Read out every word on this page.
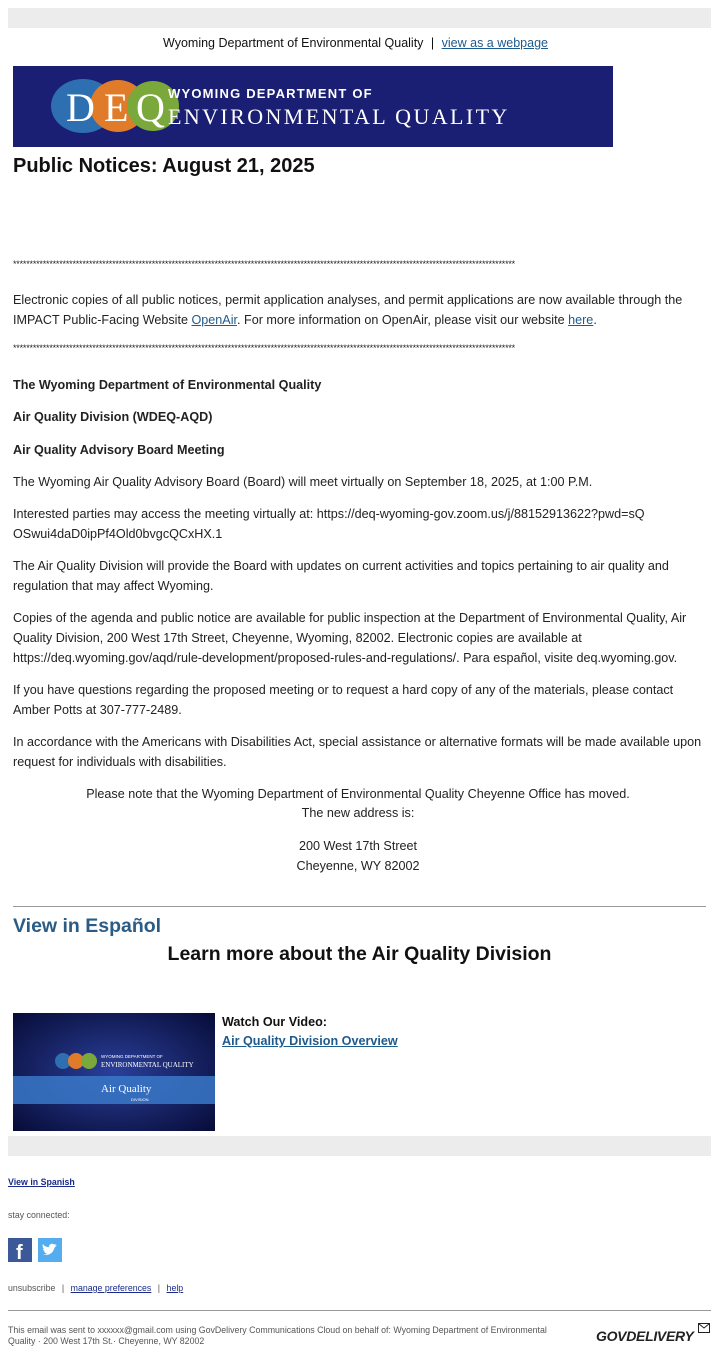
Wyoming Department of Environmental Quality | view as a webpage
D E Q WYOMING DEPARTMENT OF
ENVIRONMENTAL QUALITY
Public Notices: August 21, 2025
********************************************************************************************************************************************************
Electronic copies of all public notices, permit application analyses, and permit applications are now available through the IMPACT Public-Facing Website OpenAir. For more information on OpenAir, please visit our website here.
********************************************************************************************************************************************************
The Wyoming Department of Environmental Quality
Air Quality Division (WDEQ-AQD)
Air Quality Advisory Board Meeting
The Wyoming Air Quality Advisory Board (Board) will meet virtually on September 18, 2025, at 1:00 P.M.
Interested parties may access the meeting virtually at: https://deq-wyoming-gov.zoom.us/j/88152913622?pwd=sQOSwui4daD0ipPf4Old0bvgcQCxHX.1
The Air Quality Division will provide the Board with updates on current activities and topics pertaining to air quality and regulation that may affect Wyoming.
Copies of the agenda and public notice are available for public inspection at the Department of Environmental Quality, Air Quality Division, 200 West 17th Street, Cheyenne, Wyoming, 82002. Electronic copies are available at https://deq.wyoming.gov/aqd/rule-development/proposed-rules-and-regulations/. Para español, visite deq.wyoming.gov.
If you have questions regarding the proposed meeting or to request a hard copy of any of the materials, please contact Amber Potts at 307-777-2489.
In accordance with the Americans with Disabilities Act, special assistance or alternative formats will be made available upon request for individuals with disabilities.
Please note that the Wyoming Department of Environmental Quality Cheyenne Office has moved.
The new address is:
200 West 17th Street
Cheyenne, WY 82002
View in Español
Learn more about the Air Quality Division
WYOMING DEPARTMENT OF
ENVIRONMENTAL QUALITY
Air Quality
DIVISION
Watch Our Video:
Air Quality Division Overview
View in Spanish
stay connected:
f
unsubscribe | manage preferences | help
This email was sent to xxxxxx@gmail.com using GovDelivery Communications Cloud on behalf of: Wyoming Department of Environmental Quality · 200 West 17th St.· Cheyenne, WY 82002	GOVDELIVERY
